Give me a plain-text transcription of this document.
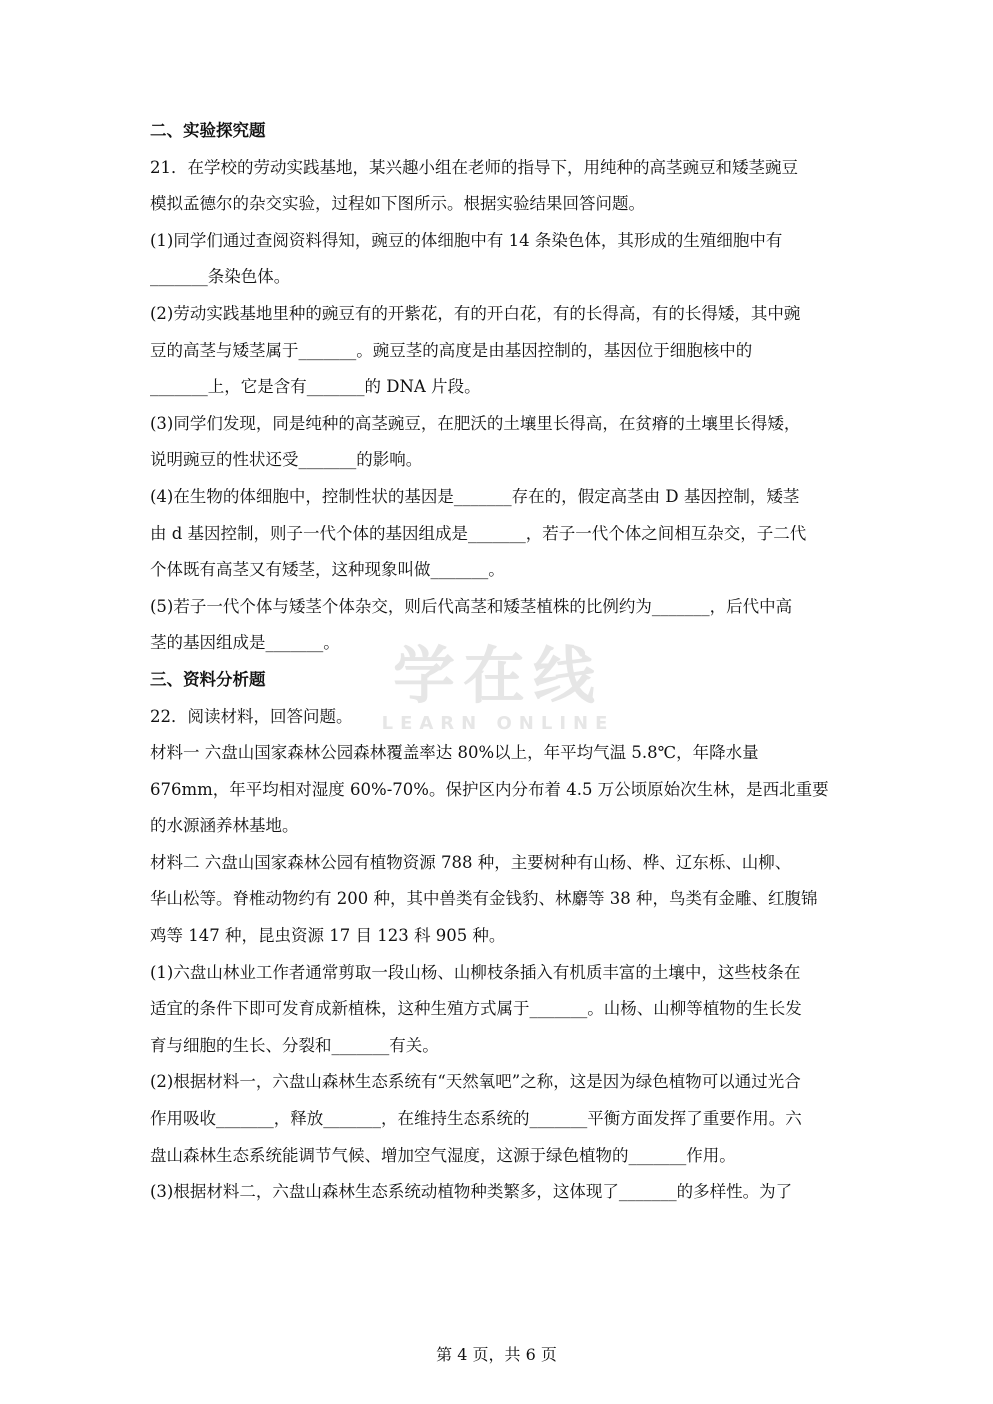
学在线
LEARN ONLINE
二、实验探究题
21．在学校的劳动实践基地，某兴趣小组在老师的指导下，用纯种的高茎豌豆和矮茎豌豆
模拟孟德尔的杂交实验，过程如下图所示。根据实验结果回答问题。
(1)同学们通过查阅资料得知，豌豆的体细胞中有 14 条染色体，其形成的生殖细胞中有
_______条染色体。
(2)劳动实践基地里种的豌豆有的开紫花，有的开白花，有的长得高，有的长得矮，其中豌
豆的高茎与矮茎属于_______。豌豆茎的高度是由基因控制的，基因位于细胞核中的
_______上，它是含有_______的 DNA 片段。
(3)同学们发现，同是纯种的高茎豌豆，在肥沃的土壤里长得高，在贫瘠的土壤里长得矮，
说明豌豆的性状还受_______的影响。
(4)在生物的体细胞中，控制性状的基因是_______存在的，假定高茎由 D 基因控制，矮茎
由 d 基因控制，则子一代个体的基因组成是_______，若子一代个体之间相互杂交，子二代
个体既有高茎又有矮茎，这种现象叫做_______。
(5)若子一代个体与矮茎个体杂交，则后代高茎和矮茎植株的比例约为_______，后代中高
茎的基因组成是_______。
三、资料分析题
22．阅读材料，回答问题。
材料一 六盘山国家森林公园森林覆盖率达 80%以上，年平均气温 5.8℃，年降水量
676mm，年平均相对湿度 60%-70%。保护区内分布着 4.5 万公顷原始次生林，是西北重要
的水源涵养林基地。
材料二 六盘山国家森林公园有植物资源 788 种，主要树种有山杨、桦、辽东栎、山柳、
华山松等。脊椎动物约有 200 种，其中兽类有金钱豹、林麝等 38 种，鸟类有金雕、红腹锦
鸡等 147 种，昆虫资源 17 目 123 科 905 种。
(1)六盘山林业工作者通常剪取一段山杨、山柳枝条插入有机质丰富的土壤中，这些枝条在
适宜的条件下即可发育成新植株，这种生殖方式属于_______。山杨、山柳等植物的生长发
育与细胞的生长、分裂和_______有关。
(2)根据材料一，六盘山森林生态系统有“天然氧吧”之称，这是因为绿色植物可以通过光合
作用吸收_______，释放_______，在维持生态系统的_______平衡方面发挥了重要作用。六
盘山森林生态系统能调节气候、增加空气湿度，这源于绿色植物的_______作用。
(3)根据材料二，六盘山森林生态系统动植物种类繁多，这体现了_______的多样性。为了
第 4 页，共 6 页
